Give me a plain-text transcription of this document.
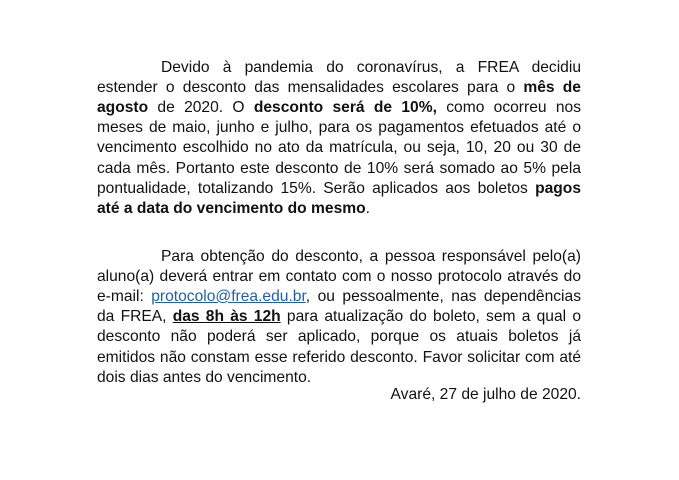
Devido à pandemia do coronavírus, a FREA decidiu estender o desconto das mensalidades escolares para o mês de agosto de 2020. O desconto será de 10%, como ocorreu nos meses de maio, junho e julho, para os pagamentos efetuados até o vencimento escolhido no ato da matrícula, ou seja, 10, 20 ou 30 de cada mês. Portanto este desconto de 10% será somado ao 5% pela pontualidade, totalizando 15%. Serão aplicados aos boletos pagos até a data do vencimento do mesmo.

Para obtenção do desconto, a pessoa responsável pelo(a) aluno(a) deverá entrar em contato com o nosso protocolo através do e-mail: protocolo@frea.edu.br, ou pessoalmente, nas dependências da FREA, das 8h às 12h para atualização do boleto, sem a qual o desconto não poderá ser aplicado, porque os atuais boletos já emitidos não constam esse referido desconto. Favor solicitar com até dois dias antes do vencimento.

Avaré, 27 de julho de 2020.
